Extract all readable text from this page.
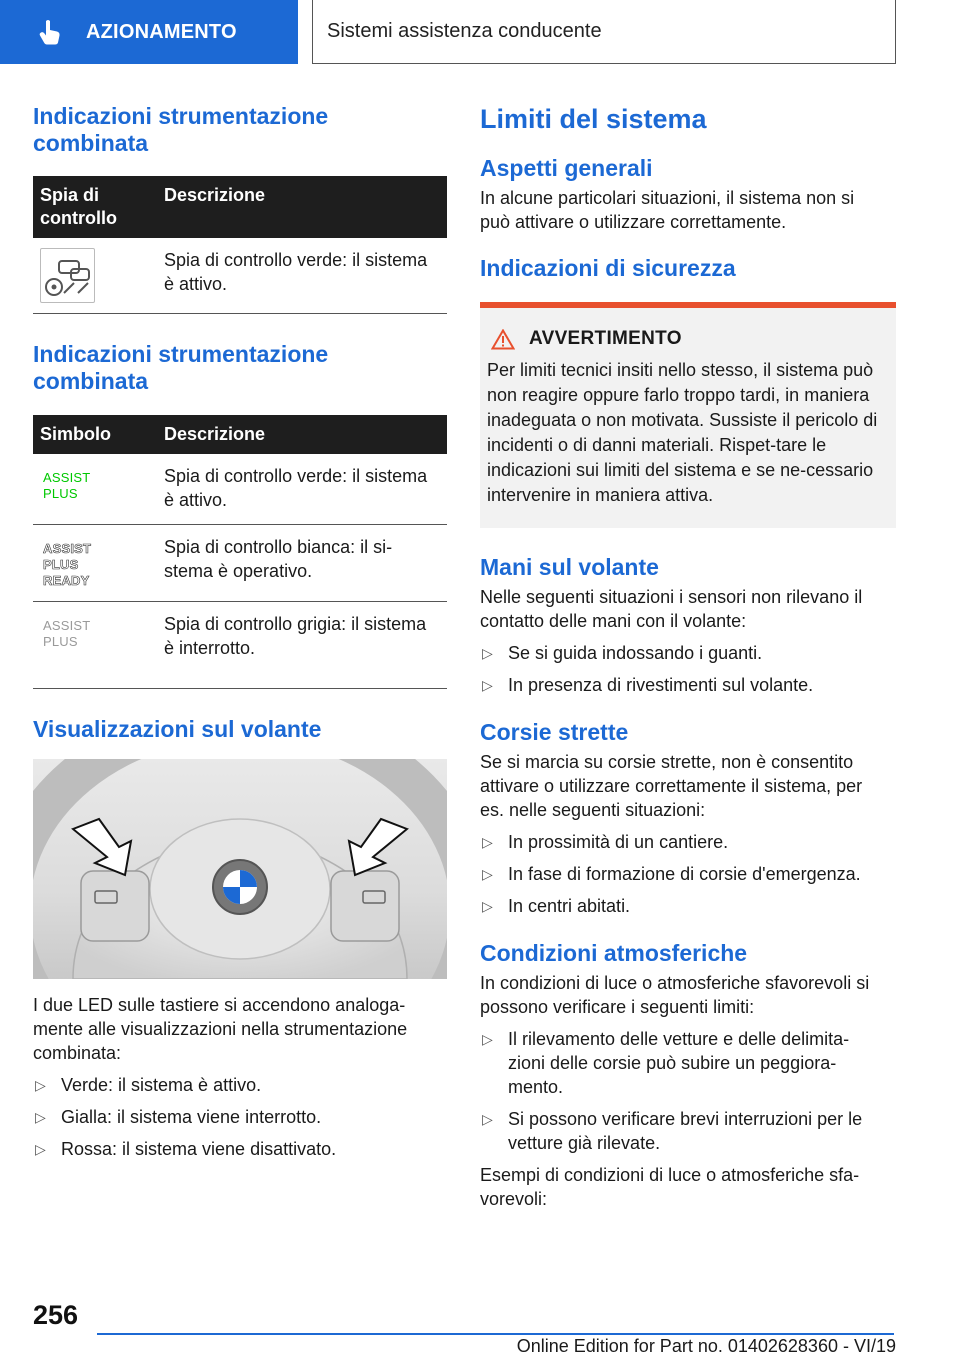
AZIONAMENTO	Sistemi assistenza conducente
Indicazioni strumentazione combinata
Spia di controllo	Descrizione

	Spia di controllo verde: il sistema è attivo.
Indicazioni strumentazione combinata
Simbolo	Descrizione

ASSIST
PLUS	Spia di controllo verde: il sistema è attivo.

ASSIST
PLUS
READY	Spia di controllo bianca: il si-stema è operativo.

ASSIST
PLUS	Spia di controllo grigia: il sistema è interrotto.
Visualizzazioni sul volante

I due LED sulle tastiere si accendono analoga-mente alle visualizzazioni nella strumentazione combinata:

▷ Verde: il sistema è attivo.
▷ Gialla: il sistema viene interrotto.
▷ Rossa: il sistema viene disattivato.
Limiti del sistema
Aspetti generali

In alcune particolari situazioni, il sistema non si può attivare o utilizzare correttamente.

Indicazioni di sicurezza
AVVERTIMENTO

Per limiti tecnici insiti nello stesso, il sistema può non reagire oppure farlo troppo tardi, in maniera inadeguata o non motivata. Sussiste il pericolo di incidenti o di danni materiali. Rispet-tare le indicazioni sui limiti del sistema e se ne-cessario intervenire in maniera attiva.

Mani sul volante

Nelle seguenti situazioni i sensori non rilevano il contatto delle mani con il volante:

▷ Se si guida indossando i guanti.
▷ In presenza di rivestimenti sul volante.
Corsie strette

Se si marcia su corsie strette, non è consentito attivare o utilizzare correttamente il sistema, per es. nelle seguenti situazioni:

▷ In prossimità di un cantiere.
▷ In fase di formazione di corsie d'emergenza.
▷ In centri abitati.
Condizioni atmosferiche

In condizioni di luce o atmosferiche sfavorevoli si possono verificare i seguenti limiti:

▷ Il rilevamento delle vetture e delle delimita-zioni delle corsie può subire un peggiora-mento.
▷ Si possono verificare brevi interruzioni per le vetture già rilevate.

Esempi di condizioni di luce o atmosferiche sfa-vorevoli:

256
Online Edition for Part no. 01402628360 - VI/19
